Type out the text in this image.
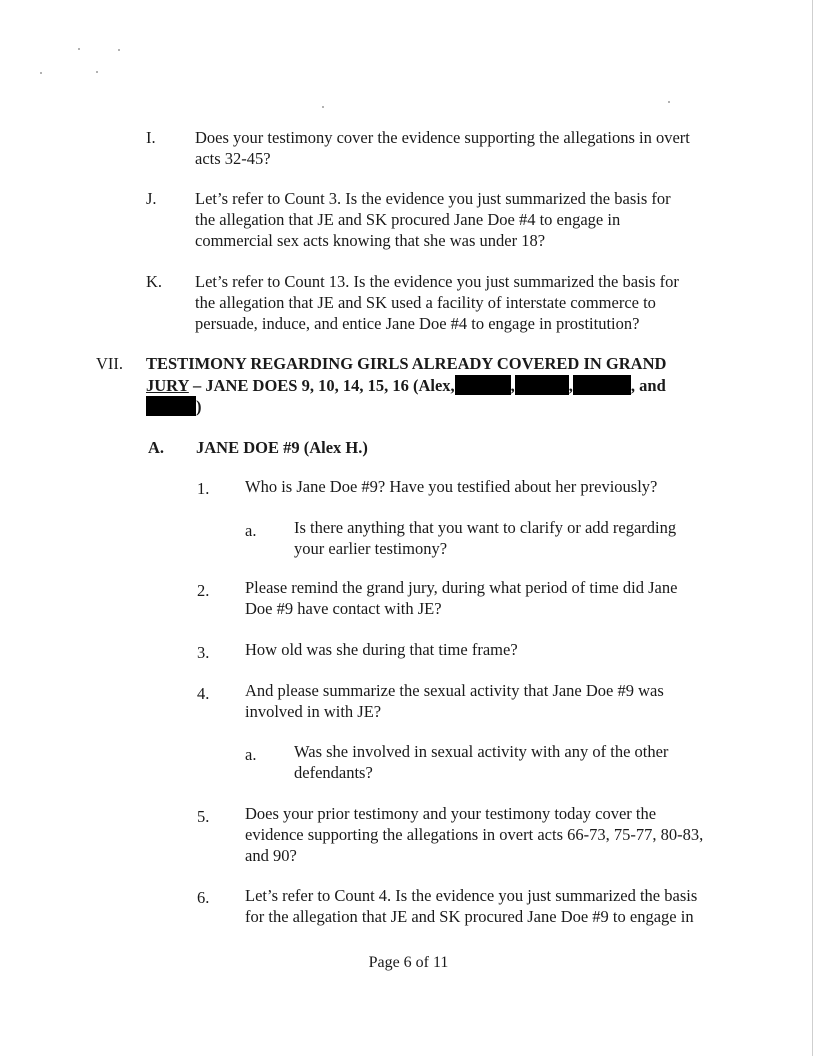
I. Does your testimony cover the evidence supporting the allegations in overt
acts 32-45?
J. Let’s refer to Count 3. Is the evidence you just summarized the basis for
the allegation that JE and SK procured Jane Doe #4 to engage in
commercial sex acts knowing that she was under 18?
K. Let’s refer to Count 13. Is the evidence you just summarized the basis for
the allegation that JE and SK used a facility of interstate commerce to
persuade, induce, and entice Jane Doe #4 to engage in prostitution?
VII. TESTIMONY REGARDING GIRLS ALREADY COVERED IN GRAND
JURY – JANE DOES 9, 10, 14, 15, 16 (Alex,	,	,	, and
)
A. JANE DOE #9 (Alex H.)
1. Who is Jane Doe #9? Have you testified about her previously?
a. Is there anything that you want to clarify or add regarding
your earlier testimony?
2. Please remind the grand jury, during what period of time did Jane
Doe #9 have contact with JE?
3. How old was she during that time frame?
4. And please summarize the sexual activity that Jane Doe #9 was
involved in with JE?
a. Was she involved in sexual activity with any of the other
defendants?
5. Does your prior testimony and your testimony today cover the
evidence supporting the allegations in overt acts 66-73, 75-77, 80-83,
and 90?
6. Let’s refer to Count 4. Is the evidence you just summarized the basis
for the allegation that JE and SK procured Jane Doe #9 to engage in
Page 6 of 11
